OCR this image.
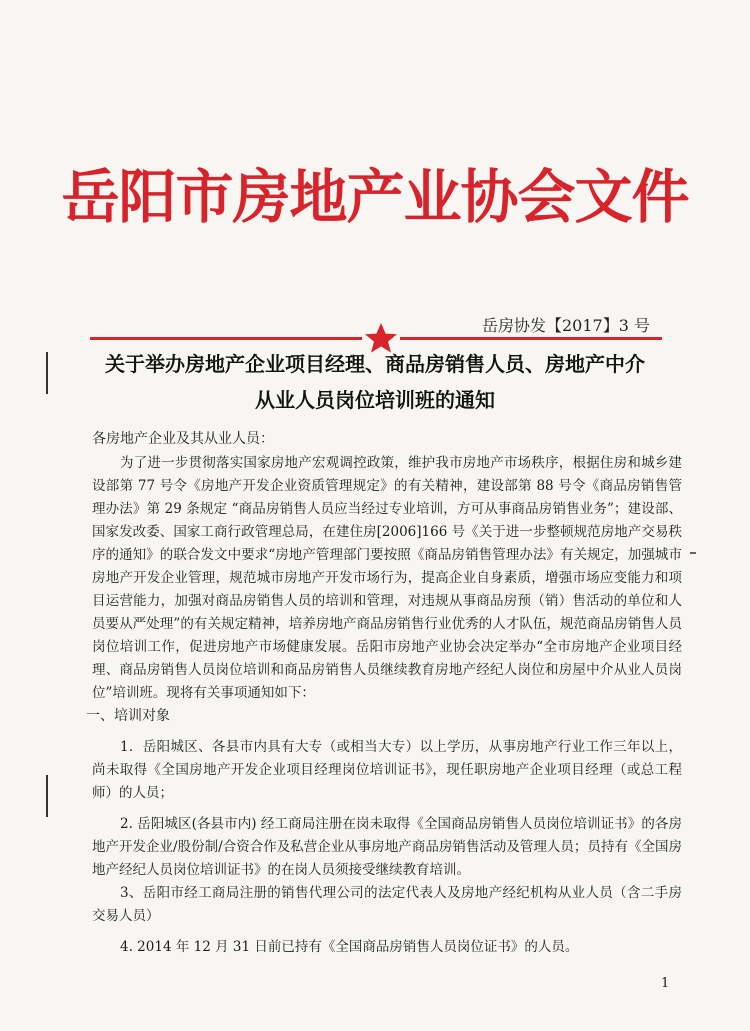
岳阳市房地产业协会文件
岳房协发【2017】3 号
关于举办房地产企业项目经理、商品房销售人员、房地产中介
从业人员岗位培训班的通知
各房地产企业及其从业人员：

为了进一步贯彻落实国家房地产宏观调控政策，维护我市房地产市场秩序，根据住房和城乡建设部第 77 号令《房地产开发企业资质管理规定》的有关精神，建设部第 88 号令《商品房销售管理办法》第 29 条规定 “商品房销售人员应当经过专业培训，方可从事商品房销售业务”；建设部、国家发改委、国家工商行政管理总局，在建住房[2006]166 号《关于进一步整顿规范房地产交易秩序的通知》的联合发文中要求“房地产管理部门要按照《商品房销售管理办法》有关规定，加强城市房地产开发企业管理，规范城市房地产开发市场行为，提高企业自身素质，增强市场应变能力和项目运营能力，加强对商品房销售人员的培训和管理，对违规从事商品房预（销）售活动的单位和人员要从严处理”的有关规定精神，培养房地产商品房销售行业优秀的人才队伍，规范商品房销售人员岗位培训工作，促进房地产市场健康发展。岳阳市房地产业协会决定举办“全市房地产企业项目经理、商品房销售人员岗位培训和商品房销售人员继续教育房地产经纪人岗位和房屋中介从业人员岗位”培训班。现将有关事项通知如下：

一、培训对象

1．岳阳城区、各县市内具有大专（或相当大专）以上学历，从事房地产行业工作三年以上，尚未取得《全国房地产开发企业项目经理岗位培训证书》，现任职房地产企业项目经理（或总工程师）的人员；

2. 岳阳城区(各县市内) 经工商局注册在岗未取得《全国商品房销售人员岗位培训证书》的各房地产开发企业/股份制/合资合作及私营企业从事房地产商品房销售活动及管理人员；员持有《全国房地产经纪人员岗位培训证书》的在岗人员须接受继续教育培训。

3、岳阳市经工商局注册的销售代理公司的法定代表人及房地产经纪机构从业人员（含二手房交易人员）

4. 2014 年 12 月 31 日前已持有《全国商品房销售人员岗位证书》的人员。

1
